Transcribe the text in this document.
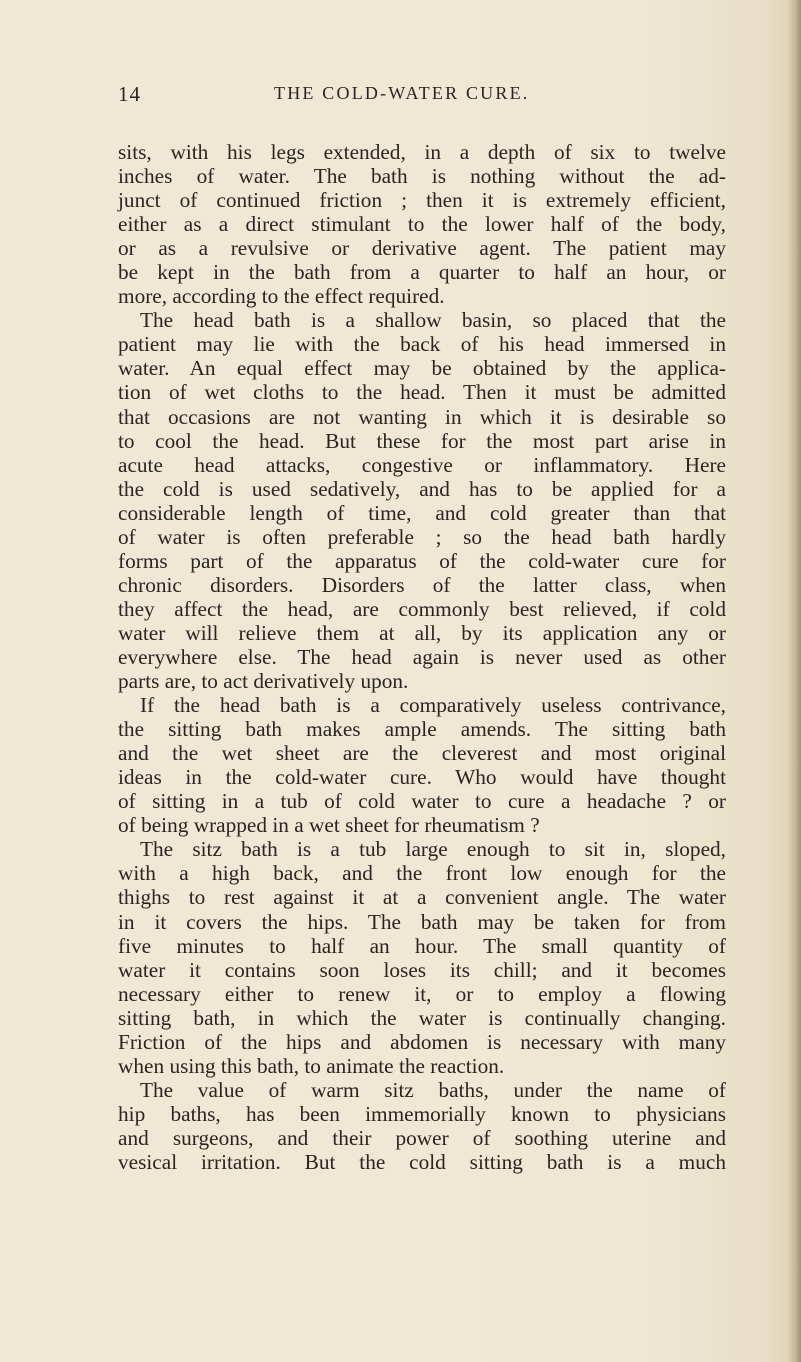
14	THE COLD-WATER CURE.
sits, with his legs extended, in a depth of six to twelve
inches of water. The bath is nothing without the ad-
junct of continued friction ; then it is extremely efficient,
either as a direct stimulant to the lower half of the body,
or as a revulsive or derivative agent. The patient may
be kept in the bath from a quarter to half an hour, or
more, according to the effect required.
The head bath is a shallow basin, so placed that the
patient may lie with the back of his head immersed in
water. An equal effect may be obtained by the applica-
tion of wet cloths to the head. Then it must be admitted
that occasions are not wanting in which it is desirable so
to cool the head. But these for the most part arise in
acute head attacks, congestive or inflammatory. Here
the cold is used sedatively, and has to be applied for a
considerable length of time, and cold greater than that
of water is often preferable ; so the head bath hardly
forms part of the apparatus of the cold-water cure for
chronic disorders. Disorders of the latter class, when
they affect the head, are commonly best relieved, if cold
water will relieve them at all, by its application any or
everywhere else. The head again is never used as other
parts are, to act derivatively upon.
If the head bath is a comparatively useless contrivance,
the sitting bath makes ample amends. The sitting bath
and the wet sheet are the cleverest and most original
ideas in the cold-water cure. Who would have thought
of sitting in a tub of cold water to cure a headache ? or
of being wrapped in a wet sheet for rheumatism ?
The sitz bath is a tub large enough to sit in, sloped,
with a high back, and the front low enough for the
thighs to rest against it at a convenient angle. The water
in it covers the hips. The bath may be taken for from
five minutes to half an hour. The small quantity of
water it contains soon loses its chill; and it becomes
necessary either to renew it, or to employ a flowing
sitting bath, in which the water is continually changing.
Friction of the hips and abdomen is necessary with many
when using this bath, to animate the reaction.
The value of warm sitz baths, under the name of
hip baths, has been immemorially known to physicians
and surgeons, and their power of soothing uterine and
vesical irritation. But the cold sitting bath is a much
